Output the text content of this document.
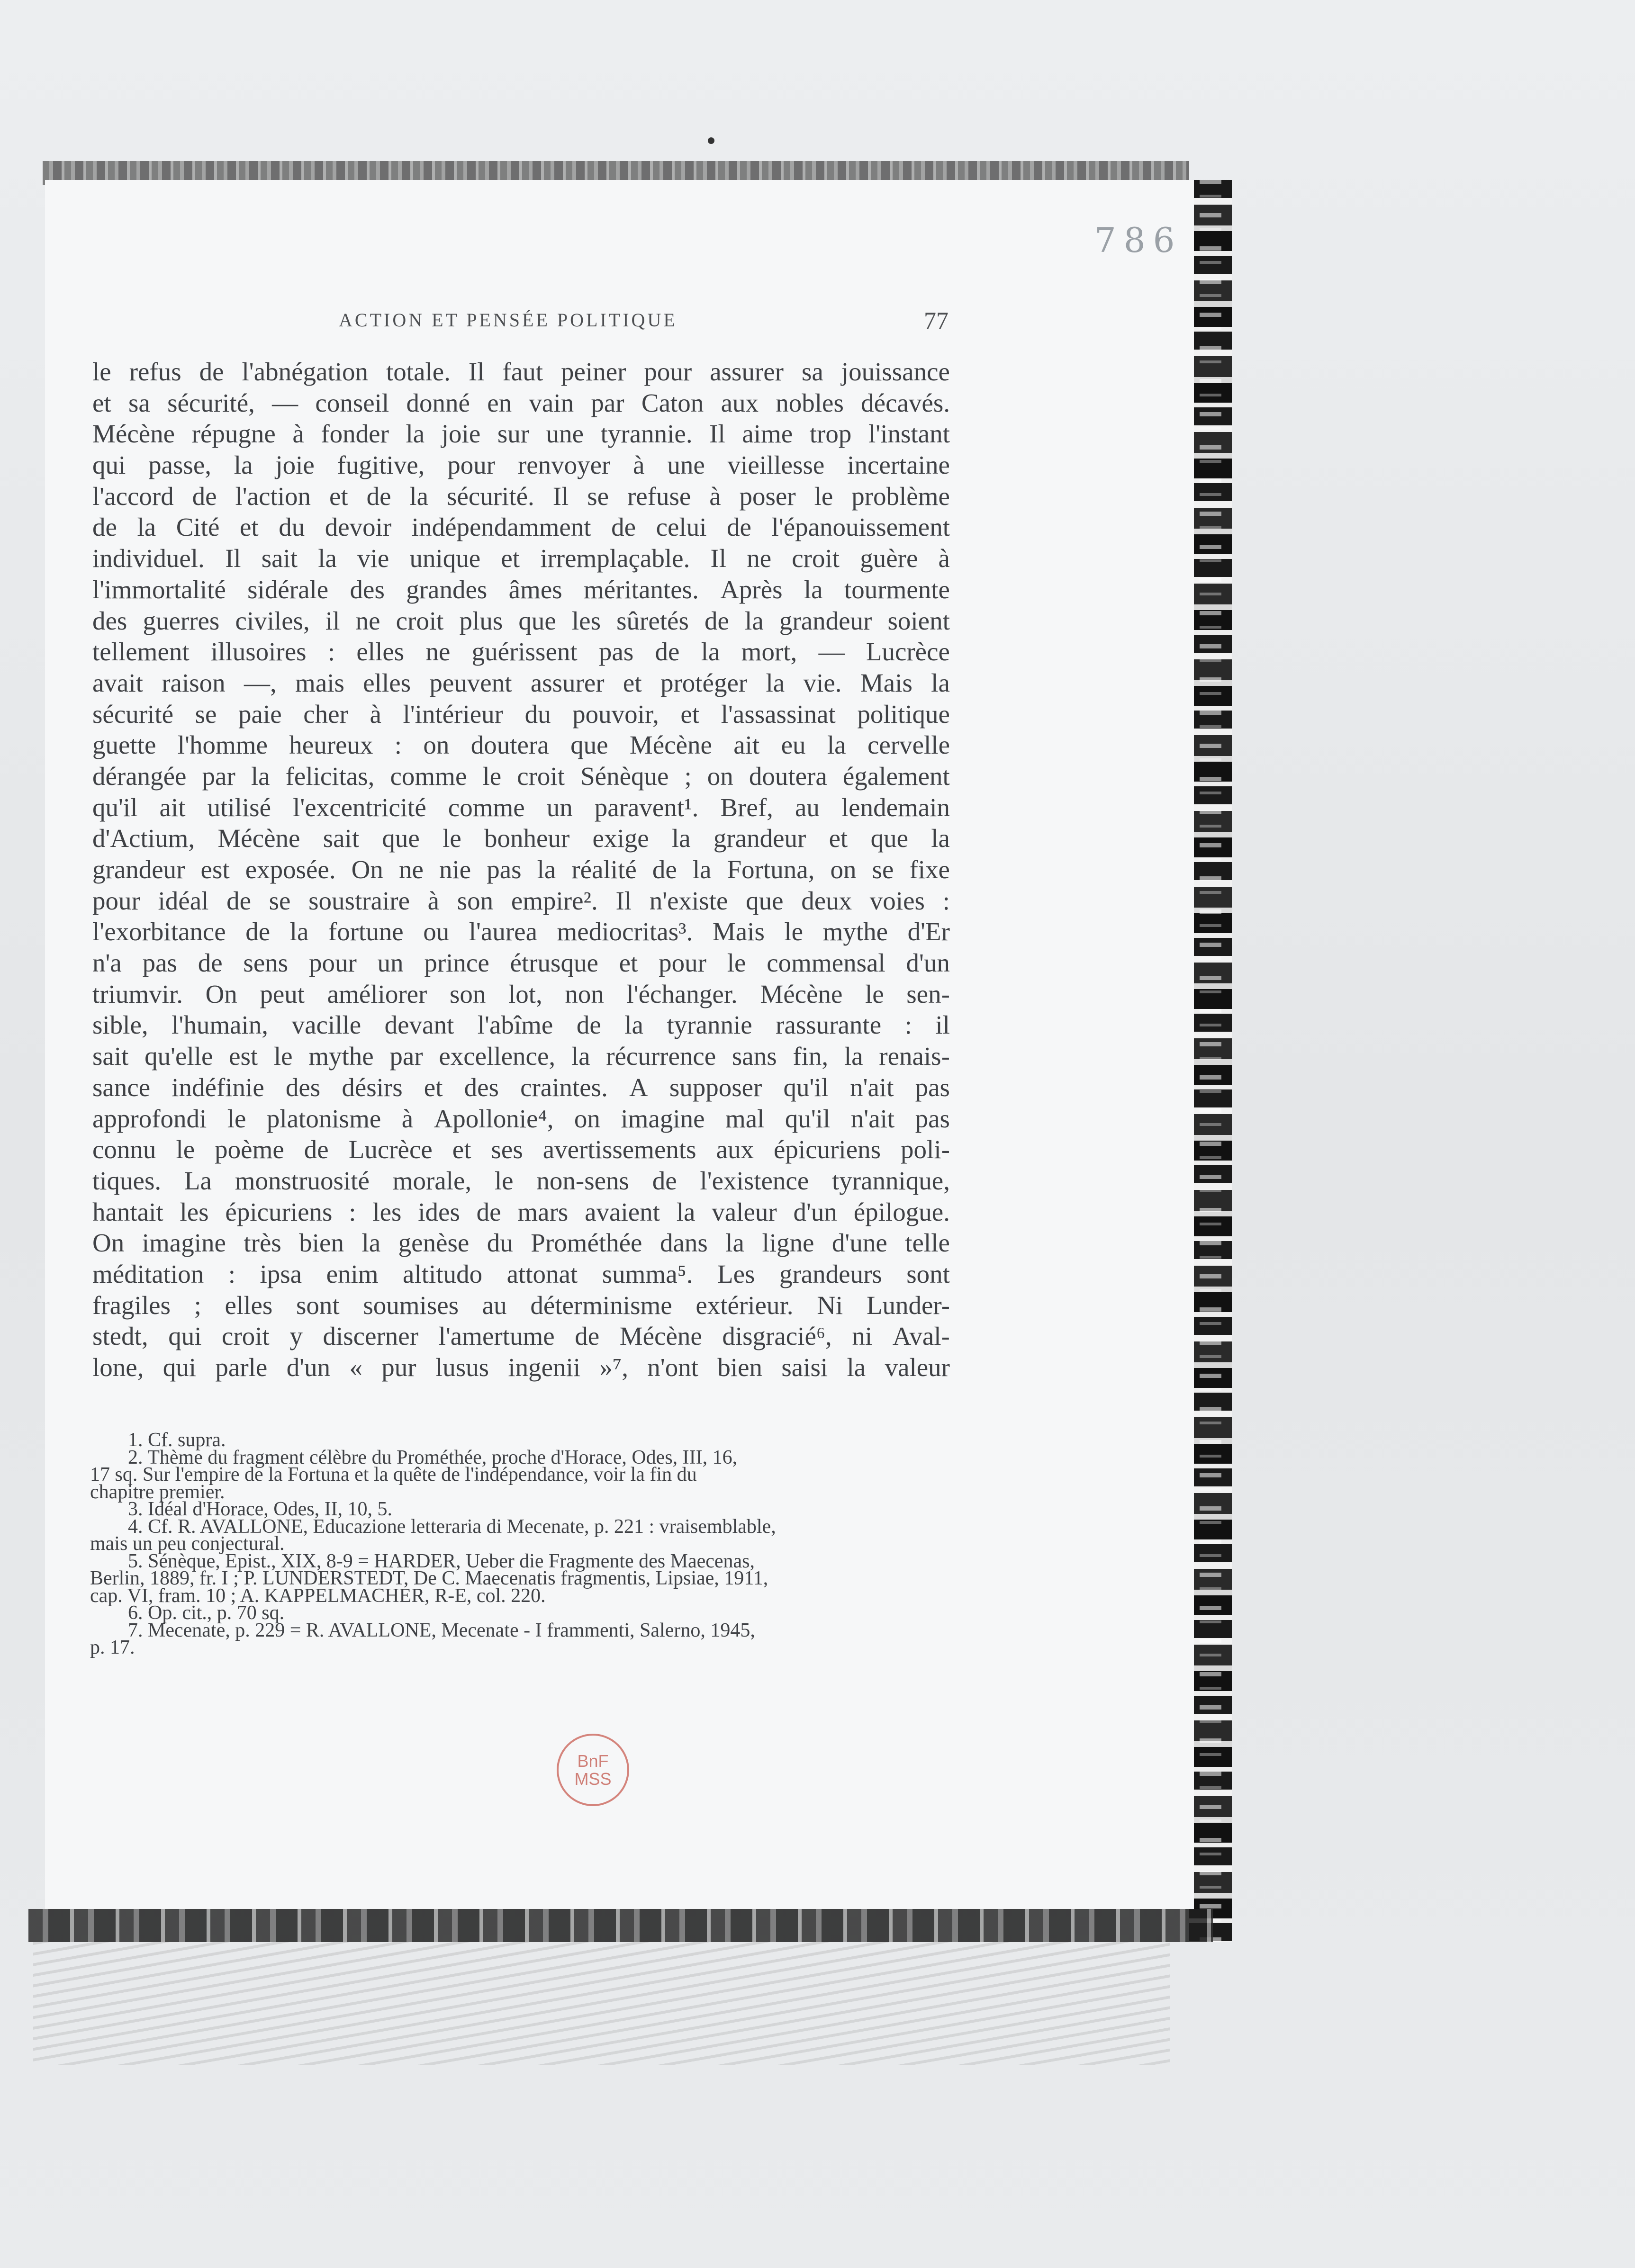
786
ACTION ET PENSÉE POLITIQUE	77
le refus de l'abnégation totale. Il faut peiner pour assurer sa jouissance
et sa sécurité, — conseil donné en vain par Caton aux nobles décavés.
Mécène répugne à fonder la joie sur une tyrannie. Il aime trop l'instant
qui passe, la joie fugitive, pour renvoyer à une vieillesse incertaine
l'accord de l'action et de la sécurité. Il se refuse à poser le problème
de la Cité et du devoir indépendamment de celui de l'épanouissement
individuel. Il sait la vie unique et irremplaçable. Il ne croit guère à
l'immortalité sidérale des grandes âmes méritantes. Après la tourmente
des guerres civiles, il ne croit plus que les sûretés de la grandeur soient
tellement illusoires : elles ne guérissent pas de la mort, — Lucrèce
avait raison —, mais elles peuvent assurer et protéger la vie. Mais la
sécurité se paie cher à l'intérieur du pouvoir, et l'assassinat politique
guette l'homme heureux : on doutera que Mécène ait eu la cervelle
dérangée par la felicitas, comme le croit Sénèque ; on doutera également
qu'il ait utilisé l'excentricité comme un paravent¹. Bref, au lendemain
d'Actium, Mécène sait que le bonheur exige la grandeur et que la
grandeur est exposée. On ne nie pas la réalité de la Fortuna, on se fixe
pour idéal de se soustraire à son empire². Il n'existe que deux voies :
l'exorbitance de la fortune ou l'aurea mediocritas³. Mais le mythe d'Er
n'a pas de sens pour un prince étrusque et pour le commensal d'un
triumvir. On peut améliorer son lot, non l'échanger. Mécène le sen-
sible, l'humain, vacille devant l'abîme de la tyrannie rassurante : il
sait qu'elle est le mythe par excellence, la récurrence sans fin, la renais-
sance indéfinie des désirs et des craintes. A supposer qu'il n'ait pas
approfondi le platonisme à Apollonie⁴, on imagine mal qu'il n'ait pas
connu le poème de Lucrèce et ses avertissements aux épicuriens poli-
tiques. La monstruosité morale, le non-sens de l'existence tyrannique,
hantait les épicuriens : les ides de mars avaient la valeur d'un épilogue.
On imagine très bien la genèse du Prométhée dans la ligne d'une telle
méditation : ipsa enim altitudo attonat summa⁵. Les grandeurs sont
fragiles ; elles sont soumises au déterminisme extérieur. Ni Lunder-
stedt, qui croit y discerner l'amertume de Mécène disgracié⁶, ni Aval-
lone, qui parle d'un « pur lusus ingenii »⁷, n'ont bien saisi la valeur
1. Cf. supra.
2. Thème du fragment célèbre du Prométhée, proche d'Horace, Odes, III, 16,
17 sq. Sur l'empire de la Fortuna et la quête de l'indépendance, voir la fin du
chapitre premier.
3. Idéal d'Horace, Odes, II, 10, 5.
4. Cf. R. AVALLONE, Educazione letteraria di Mecenate, p. 221 : vraisemblable,
mais un peu conjectural.
5. Sénèque, Epist., XIX, 8-9 = HARDER, Ueber die Fragmente des Maecenas,
Berlin, 1889, fr. I ; P. LUNDERSTEDT, De C. Maecenatis fragmentis, Lipsiae, 1911,
cap. VI, fram. 10 ; A. KAPPELMACHER, R-E, col. 220.
6. Op. cit., p. 70 sq.
7. Mecenate, p. 229 = R. AVALLONE, Mecenate - I frammenti, Salerno, 1945,
p. 17.
BnF
MSS
